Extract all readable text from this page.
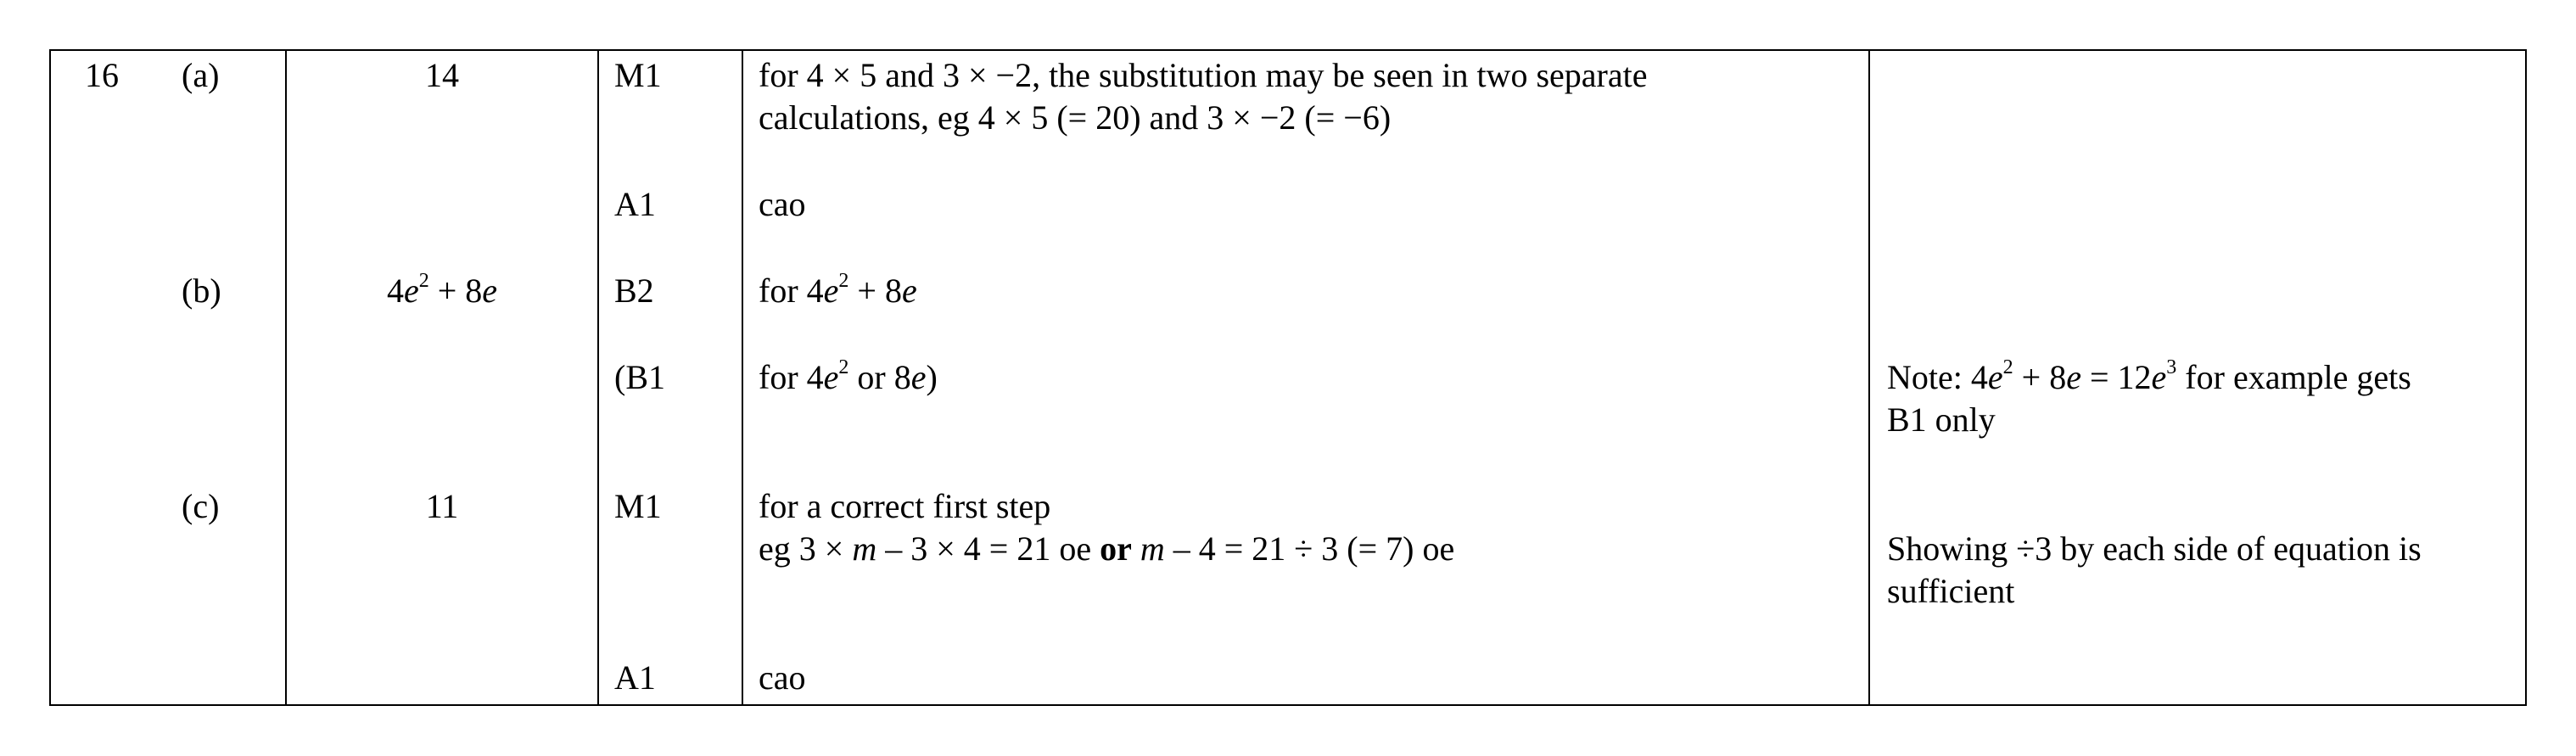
16 (a)	14	M1	for 4 × 5 and 3 × −2, the substitution may be seen in two separate
calculations, eg 4 × 5 (= 20) and 3 × −2 (= −6)
A1	cao
(b)	$4e^2 + 8e$	B2	for $4e^2 + 8e$
(B1	for $4e^2$ or 8e)	Note: $4e^2 + 8e = 12e^3$ for example gets
B1 only
(c)	11	M1	for a correct first step
eg 3 × m – 3 × 4 = 21 oe or m – 4 = 21 ÷ 3 (= 7) oe	Showing ÷3 by each side of equation is
sufficient
A1	cao
